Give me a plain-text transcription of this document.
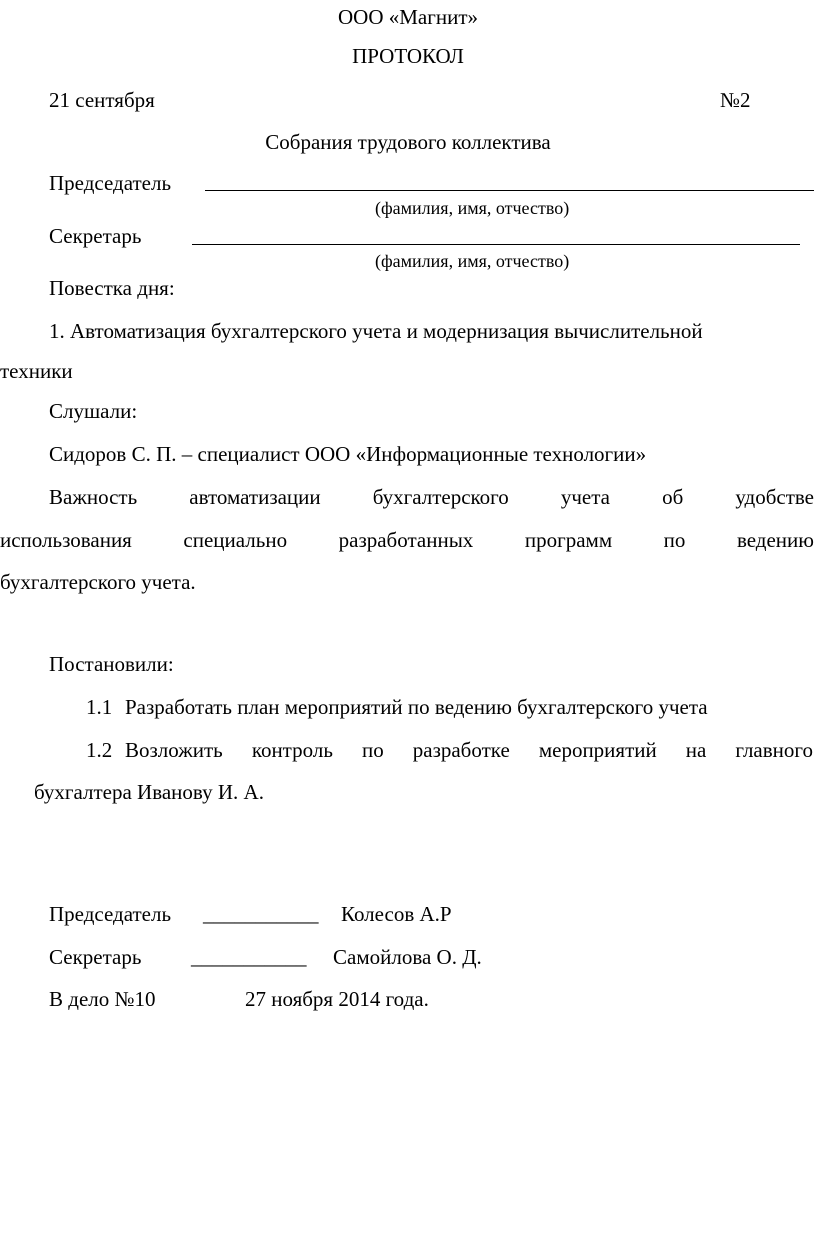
ООО «Магнит»
ПРОТОКОЛ
21 сентября	№2
Собрания трудового коллектива
Председатель
(фамилия, имя, отчество)
Секретарь
(фамилия, имя, отчество)
Повестка дня:
1. Автоматизация бухгалтерского учета и модернизация вычислительной
техники
Слушали:
Сидоров С. П. – специалист ООО «Информационные технологии»
Важность автоматизации бухгалтерского учета об удобстве
использования специально разработанных программ по ведению
бухгалтерского учета.
Постановили:
1.1 Разработать план мероприятий по ведению бухгалтерского учета
1.2 Возложить контроль по разработке мероприятий на главного
бухгалтера Иванову И. А.
Председатель ___________ Колесов А.Р
Секретарь ___________ Самойлова О. Д.
В дело №10	27 ноября 2014 года.
